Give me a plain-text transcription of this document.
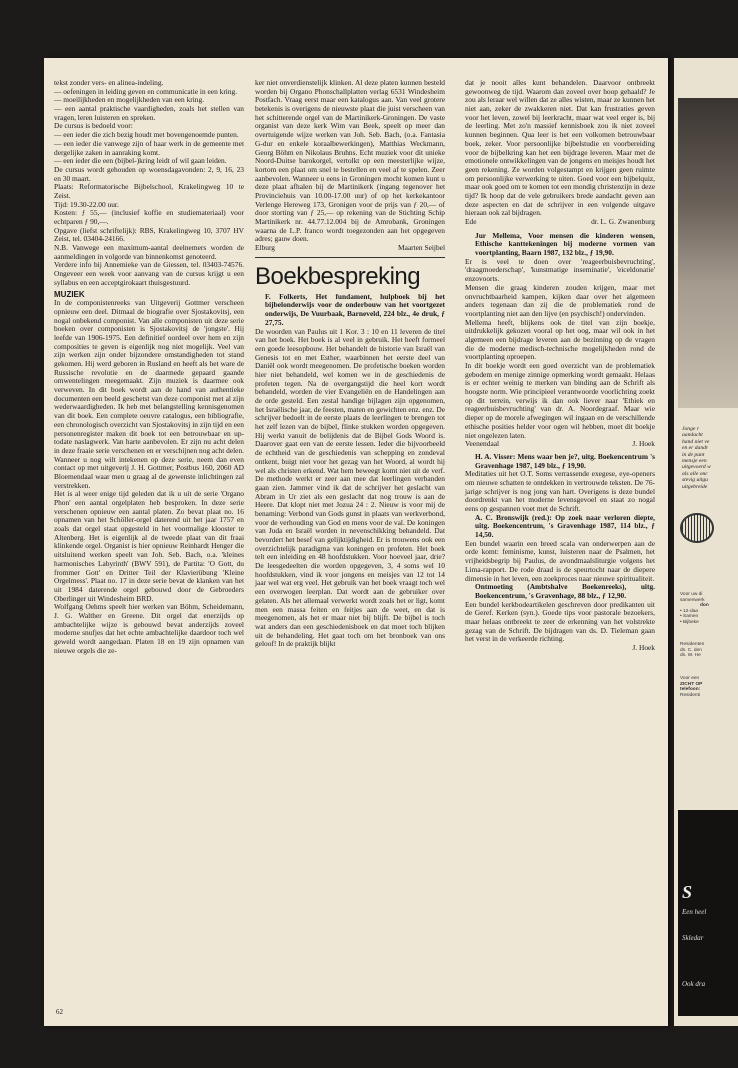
tekst zonder vers- en alinea-indeling.

— oefeningen in leiding geven en communicatie in een kring.

— moeilijkheden en mogelijkheden van een kring.

— een aantal praktische vaardigheden, zoals het stellen van vragen, leren luisteren en spreken.

De cursus is bedoeld voor:

— een ieder die zich bezig houdt met bovengenoemde punten.

— een ieder die vanwege zijn of haar werk in de gemeente met dergelijke zaken in aanraking komt.

— een ieder die een (bijbel-)kring leidt of wil gaan leiden.

De cursus wordt gehouden op woensdagavonden: 2, 9, 16, 23 en 30 maart.

Plaats: Reformatorische Bijbelschool, Krakelingweg 10 te Zeist.

Tijd: 19.30-22.00 uur.

Kosten: ƒ 55,— (inclusief koffie en studiemateriaal) voor echtparen ƒ 90,—.

Opgave (liefst schriftelijk): RBS, Krakelingweg 10, 3707 HV Zeist, tel. 03404-24166.

N.B. Vanwege een maximum-aantal deelnemers worden de aanmeldingen in volgorde van binnenkomst genoteerd.

Verdere info bij Annemieke van de Giessen, tel. 03403-74576. Ongeveer een week voor aanvang van de cursus krijgt u een syllabus en een acceptgirokaart thuisgestuurd.

MUZIEK

In de componistenreeks van Uitgeverij Gottmer verscheen opnieuw een deel. Ditmaal de biografie over Sjostakovitsj, een nogal onbekend componist. Van alle componisten uit deze serie boeken over componisten is Sjostakovitsj de 'jongste'. Hij leefde van 1906-1975. Een definitief oordeel over hem en zijn composities te geven is eigenlijk nog niet mogelijk. Veel van zijn werken zijn onder bijzondere omstandigheden tot stand gekomen. Hij werd geboren in Rusland en heeft als het ware de Russische revolutie en de daarmede gepaard gaande omwentelingen meegemaakt. Zijn muziek is daarmee ook verweven. In dit boek wordt aan de hand van authentieke documenten een beeld geschetst van deze componist met al zijn wederwaardigheden. Ik heb met belangstelling kennisgenomen van dit boek. Een complete oeuvre catalogus, een bibliografie, een chronologisch overzicht van Sjostakovitsj in zijn tijd en een personenregister maken dit boek tot een betrouwbaar en up-todate naslagwerk. Van harte aanbevolen. Er zijn nu acht delen in deze fraaie serie verschenen en er verschijnen nog acht delen. Wanneer u nog wilt intekenen op deze serie, neem dan even contact op met uitgeverij J. H. Gottmer, Postbus 160, 2060 AD Bloemendaal waar men u graag al de gewenste inlichtingen zal verstrekken.

Het is al weer enige tijd geleden dat ik u uit de serie 'Organo Phon' een aantal orgelplaten heb besproken. In deze serie verschenen opnieuw een aantal platen. Zo bevat plaat no. 16 opnamen van het Schöller-orgel daterend uit het jaar 1757 en zoals dat orgel staat opgesteld in het voormalige klooster te Altenberg. Het is eigenlijk al de tweede plaat van dit fraai klinkende orgel. Organist is hier opnieuw Reinhardt Henger die uitsluitend werken speelt van Joh. Seb. Bach, o.a. 'kleines harmonisches Labyrinth' (BWV 591), de Partita: 'O Gott, du frommer Gott' en Dritter Teil der Klavierübung 'Kleine Orgelmess'. Plaat no. 17 in deze serie bevat de klanken van het uit 1984 daterende orgel gebouwd door de Gebroeders Oberlinger uit Windesheim BRD.

Wolfgang Oehms speelt hier werken van Böhm, Scheidemann, J. G. Walther en Greene. Dit orgel dat enerzijds op ambachtelijke wijze is gebouwd bevat anderzijds zoveel moderne snufjes dat het echte ambachtelijke daardoor toch wel geweld wordt aangedaan. Platen 18 en 19 zijn opnamen van nieuwe orgels die ze-

ker niet onverdienstelijk klinken. Al deze platen kunnen besteld worden bij Organo Phonschallplatten verlag 6531 Windesheim Postfach. Vraag eerst maar een katalogus aan. Van veel grotere betekenis is overigens de nieuwste plaat die juist verscheen van het schitterende orgel van de Martinikerk-Groningen. De vaste organist van deze kerk Wim van Beek, speelt op meer dan overtuigende wijze werken van Joh. Seb. Bach, (o.a. Fantasia G-dur en enkele koraalbewerkingen), Matthias Weckmann, Georg Böhm en Nikolaus Bruhns. Echt muziek voor dit unieke Noord-Duitse barokorgel, vertolkt op een meesterlijke wijze, kortom een plaat om snel te bestellen en veel af te spelen. Zeer aanbevolen. Wanneer u eens in Groningen mocht komen kunt u deze plaat afhalen bij de Martinikerk (ingang tegenover het Provinciehuis van 10.00-17.00 uur) of op het kerkekantoor Verlenge Hereweg 173, Gronigen voor de prijs van ƒ 20,— of door storting van ƒ 25,— op rekening van de Stichting Schip Martinikerk nr. 44.77.12.004 bij de Amrobank, Groningen waarna de L.P. franco wordt toegezonden aan het opgegeven adres; gauw doen.

Elburg	Maarten Seijbel

Boekbespreking

F. Folkerts, Het fundament, hulpboek bij het bijbelonderwijs voor de onderbouw van het voortgezet onderwijs, De Vuurbaak, Barneveld, 224 blz., 4e druk, ƒ 27,75.

De woorden van Paulus uit 1 Kor. 3 : 10 en 11 leveren de titel van het boek. Het boek is al veel in gebruik. Het heeft formeel een goede leesopbouw. Het behandelt de historie van Israël van Genesis tot en met Esther, waarbinnen het eerste deel van Daniël ook wordt meegenomen. De profetische boeken worden hier niet behandeld, wel komen we in de geschiedenis de profeten tegen. Na de overgangstijd die heel kort wordt behandeld, worden de vier Evangeliën en de Handelingen aan de orde gesteld. Een zestal handige bijlagen zijn opgenomen, het Israëlische jaar, de feesten, maten en gewichten enz. enz. De schrijver bedoelt in de eerste plaats de leerlingen te brengen tot het zelf lezen van de bijbel, flinke stukken worden opgegeven. Hij werkt vanuit de belijdenis dat de Bijbel Gods Woord is. Daarover gaat een van de eerste lessen. Ieder die bijvoorbeeld de echtheid van de geschiedenis van schepping en zondeval ontkent, buigt niet voor het gezag van het Woord, al wordt hij wel als christen erkend. Wat hem beweegt komt niet uit de verf. De methode werkt er zeer aan mee dat leerlingen verbanden gaan zien. Jammer vind ik dat de schrijver het geslacht van Abram in Ur ziet als een geslacht dat nog trouw is aan de Heere. Dat klopt niet met Jozua 24 : 2. Nieuw is voor mij de benaming: Verbond van Gods gunst in plaats van werkverbond, voor de verhouding van God en mens voor de val. De koningen van Juda en Israël worden in nevenschikking behandeld. Dat bevordert het besef van gelijktijdigheid. Er is trouwens ook een overzichtelijk paradigma van koningen en profeten. Het boek telt een inleiding en 48 hoofdstukken. Voor hoeveel jaar, drie? De leesgedeelten die worden opgegeven, 3, 4 soms wel 10 hoofdstukken, vind ik voor jongens en meisjes van 12 tot 14 jaar wel wat erg veel. Het gebruik van het boek vraagt toch wel een overwogen leerplan. Dat wordt aan de gebruiker over gelaten. Als het allemaal verwerkt wordt zoals het er ligt, komt men een massa feiten en feitjes aan de weet, en dat is meegenomen, als het er maar niet bij blijft. De bijbel is toch wat anders dan een geschiedenisboek en dat moet toch blijken uit de behandeling. Het gaat toch om het bronboek van ons geloof! In de praktijk blijkt

dat je nooit alles kunt behandelen. Daarvoor ontbreekt gewoonweg de tijd. Waarom dan zoveel over hoop gehaald? Je zou als leraar wel willen dat ze alles wisten, maar ze kunnen het niet aan, zeker de zwakkeren niet. Dat kan frustraties geven voor het leven, zowel bij leerkracht, maar wat veel erger is, bij de leerling. Met zo'n massief kennisboek zou ik niet zoveel kunnen beginnen. Qua leer is het een volkomen betrouwbaar boek, zeker. Voor persoonlijke bijbelstudie en voorbereiding voor de bijbelkring kan het een bijdrage leveren. Maar met de emotionele ontwikkelingen van de jongens en meisjes houdt het geen rekening. Ze worden volgestampt en krijgen geen ruimte om persoonlijke verwerking te uiten. Goed voor een bijbelquiz, maar ook goed om te komen tot een mondig christenzijn in deze tijd? Ik hoop dat de vele gebruikers brede aandacht geven aan deze aspecten en dat de schrijver in een volgende uitgave hieraan ook zal bijdragen.

Ede	dr. L. G. Zwanenburg

Jur Mellema, Voor mensen die kinderen wensen, Ethische kanttekeningen bij moderne vormen van voortplanting, Baarn 1987, 132 blz., ƒ 19,90.

Er is veel te doen over 'reageerbuisbevruchting', 'draagmoederschap', 'kunstmatige inseminatie', 'eiceldonatie' enzovoorts.

Mensen die graag kinderen zouden krijgen, maar met onvruchtbaarheid kampen, kijken daar over het algemeen anders tegenaan dan zij die de problematiek rond de voortplanting niet aan den lijve (en psychisch!) ondervinden.

Mellema heeft, blijkens ook de titel van zijn boekje, uitdrukkelijk gekozen vooral op het oog, maar wil ook in het algemeen een bijdrage leveren aan de bezinning op de vragen die de moderne medisch-technische mogelijkheden rond de voortplanting oproepen.

In dit boekje wordt een goed overzicht van de problematiek gebodem en menige zinnige opmerking wordt gemaakt. Helaas is er echter weinig te merken van binding aan de Schrift als hoogste norm. Wie principieel verantwoorde voorlichting zoekt op dit terrein, verwijs ik dan ook liever naar 'Ethiek en reageerbuisbevruchting' van dr. A. Noordegraaf. Maar wie dieper op de morele afwegingen wil ingaan en de verschillende ethische posities helder voor ogen wil hebben, moet dit boekje niet ongelezen laten.

Veenendaal	J. Hoek

H. A. Visser: Mens waar ben je?, uitg. Boekencentrum 's Gravenhage 1987, 149 blz., ƒ 19,90.

Meditaties uit het O.T. Soms verrassende exegese, eye-openers om nieuwe schatten te ontdekken in vertrouwde teksten. De 76-jarige schrijver is nog jong van hart. Overigens is deze bundel doordrenkt van het moderne levensgevoel en staat zo nogal eens op gespannen voet met de Schrift.

A. C. Bronswijk (red.): Op zoek naar verloren diepte, uitg. Boekencentrum, 's Gravenhage 1987, 114 blz., ƒ 14,50.

Een bundel waarin een breed scala van onderwerpen aan de orde komt: feminisme, kunst, luisteren naar de Psalmen, het vrijheidsbegrip bij Paulus, de avondmaalsliturgie volgens het Lima-rapport. De rode draad is de speurtocht naar de diepere dimensie in het leven, een zoekproces naar nieuwe spiritualiteit.

Ontmoeting (Ambtshalve Boekenreeks), uitg. Boekencentrum, 's Gravenhage, 88 blz., ƒ 12,90.

Een bundel kerkbodeartikelen geschreven door predikanten uit de Geref. Kerken (syn.). Goede tips voor pastorale bezoekers, maar helaas ontbreekt te zeer de erkenning van het volstrekte gezag van de Schrift. De bijdragen van ds. D. Tieleman gaan het verst in de verkeerde richting.

J. Hoek

62
Jonge r
aandacht
hand niet ve
en er dandr
in de punt
mensje een
uitgevoerd w
als alle onc
stevig uitgu
uitgebreide
Voor uw di
samenwerk
don
• 12-daa
• Samen
• Bijbeke
Residenten
ds. C. den
ds. W. He
Voor een
ZICHT OP
telefoon:
Residenti
S
Een heel
Skledar
Ook dra
